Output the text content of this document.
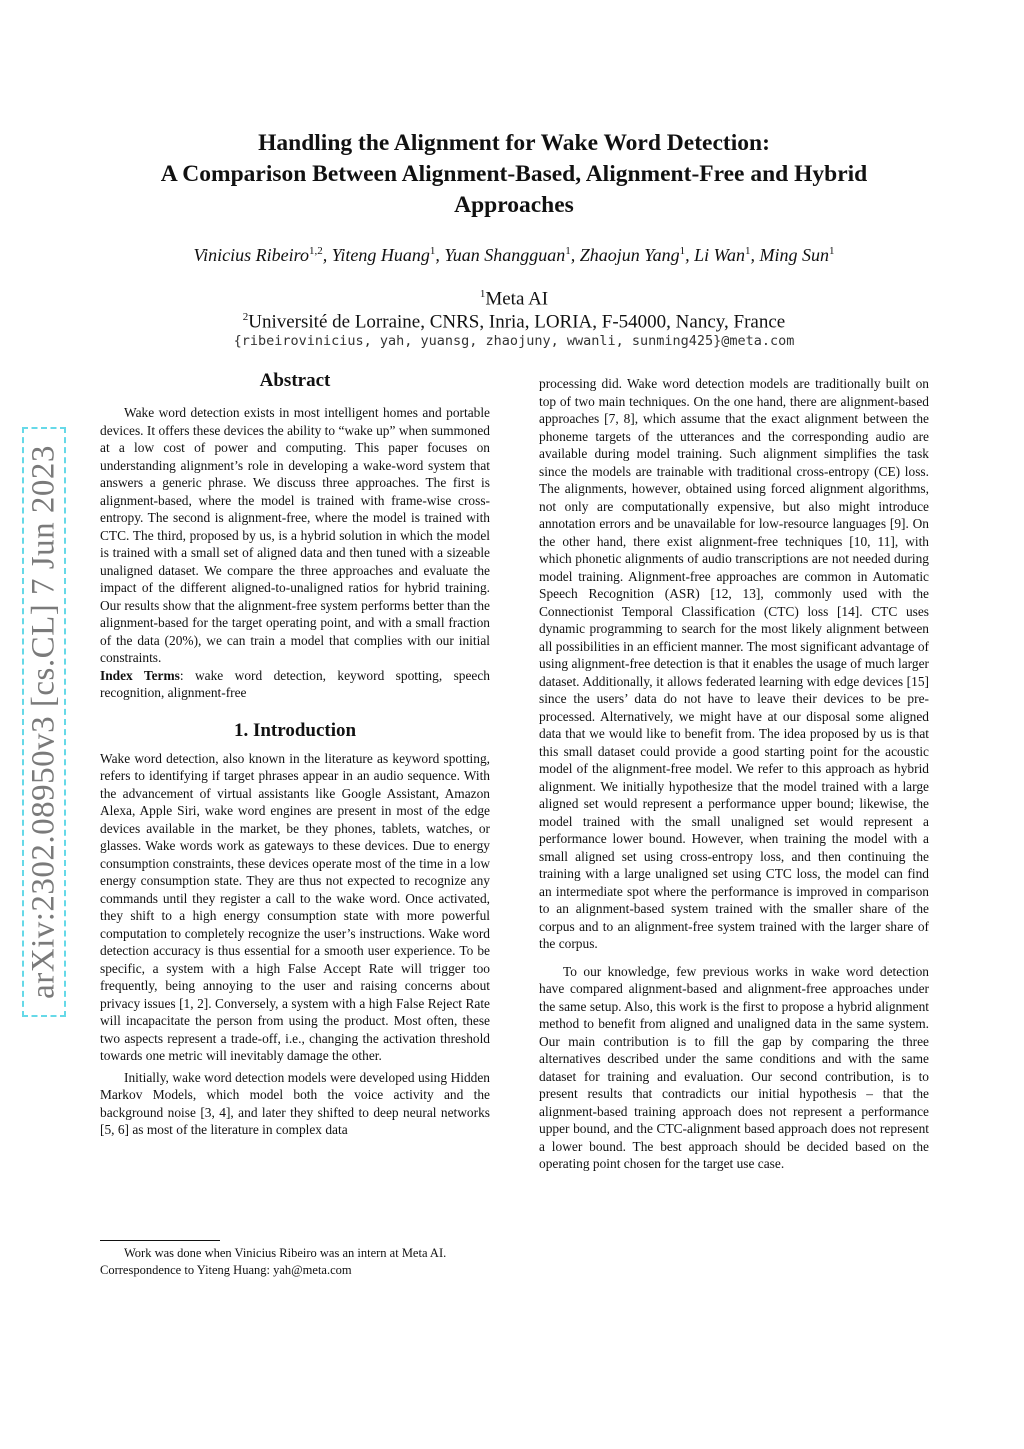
arXiv:2302.08950v3 [cs.CL] 7 Jun 2023
Handling the Alignment for Wake Word Detection:
A Comparison Between Alignment-Based, Alignment-Free and Hybrid
Approaches
Vinicius Ribeiro$^{1,2}$, Yiteng Huang$^1$, Yuan Shangguan$^1$, Zhaojun Yang$^1$, Li Wan$^1$, Ming Sun$^1$
$^1$Meta AI
$^2$Université de Lorraine, CNRS, Inria, LORIA, F-54000, Nancy, France
{ribeirovinicius, yah, yuansg, zhaojuny, wwanli, sunming425}@meta.com
Abstract

Wake word detection exists in most intelligent homes and portable devices. It offers these devices the ability to “wake up” when summoned at a low cost of power and computing. This paper focuses on understanding alignment’s role in developing a wake-word system that answers a generic phrase. We discuss three approaches. The first is alignment-based, where the model is trained with frame-wise cross-entropy. The second is alignment-free, where the model is trained with CTC. The third, proposed by us, is a hybrid solution in which the model is trained with a small set of aligned data and then tuned with a sizeable unaligned dataset. We compare the three approaches and evaluate the impact of the different aligned-to-unaligned ratios for hybrid training. Our results show that the alignment-free system performs better than the alignment-based for the target operating point, and with a small fraction of the data (20%), we can train a model that complies with our initial constraints.

Index Terms: wake word detection, keyword spotting, speech recognition, alignment-free

1. Introduction

Wake word detection, also known in the literature as keyword spotting, refers to identifying if target phrases appear in an audio sequence. With the advancement of virtual assistants like Google Assistant, Amazon Alexa, Apple Siri, wake word engines are present in most of the edge devices available in the market, be they phones, tablets, watches, or glasses. Wake words work as gateways to these devices. Due to energy consumption constraints, these devices operate most of the time in a low energy consumption state. They are thus not expected to recognize any commands until they register a call to the wake word. Once activated, they shift to a high energy consumption state with more powerful computation to completely recognize the user’s instructions. Wake word detection accuracy is thus essential for a smooth user experience. To be specific, a system with a high False Accept Rate will trigger too frequently, being annoying to the user and raising concerns about privacy issues [1, 2]. Conversely, a system with a high False Reject Rate will incapacitate the person from using the product. Most often, these two aspects represent a trade-off, i.e., changing the activation threshold towards one metric will inevitably damage the other.

Initially, wake word detection models were developed using Hidden Markov Models, which model both the voice activity and the background noise [3, 4], and later they shifted to deep neural networks [5, 6] as most of the literature in complex data

Work was done when Vinicius Ribeiro was an intern at Meta AI.
Correspondence to Yiteng Huang: yah@meta.com

processing did. Wake word detection models are traditionally built on top of two main techniques. On the one hand, there are alignment-based approaches [7, 8], which assume that the exact alignment between the phoneme targets of the utterances and the corresponding audio are available during model training. Such alignment simplifies the task since the models are trainable with traditional cross-entropy (CE) loss. The alignments, however, obtained using forced alignment algorithms, not only are computationally expensive, but also might introduce annotation errors and be unavailable for low-resource languages [9]. On the other hand, there exist alignment-free techniques [10, 11], with which phonetic alignments of audio transcriptions are not needed during model training. Alignment-free approaches are common in Automatic Speech Recognition (ASR) [12, 13], commonly used with the Connectionist Temporal Classification (CTC) loss [14]. CTC uses dynamic programming to search for the most likely alignment between all possibilities in an efficient manner. The most significant advantage of using alignment-free detection is that it enables the usage of much larger dataset. Additionally, it allows federated learning with edge devices [15] since the users’ data do not have to leave their devices to be pre-processed. Alternatively, we might have at our disposal some aligned data that we would like to benefit from. The idea proposed by us is that this small dataset could provide a good starting point for the acoustic model of the alignment-free model. We refer to this approach as hybrid alignment. We initially hypothesize that the model trained with a large aligned set would represent a performance upper bound; likewise, the model trained with the small unaligned set would represent a performance lower bound. However, when training the model with a small aligned set using cross-entropy loss, and then continuing the training with a large unaligned set using CTC loss, the model can find an intermediate spot where the performance is improved in comparison to an alignment-based system trained with the smaller share of the corpus and to an alignment-free system trained with the larger share of the corpus.

To our knowledge, few previous works in wake word detection have compared alignment-based and alignment-free approaches under the same setup. Also, this work is the first to propose a hybrid alignment method to benefit from aligned and unaligned data in the same system. Our main contribution is to fill the gap by comparing the three alternatives described under the same conditions and with the same dataset for training and evaluation. Our second contribution, is to present results that contradicts our initial hypothesis – that the alignment-based training approach does not represent a performance upper bound, and the CTC-alignment based approach does not represent a lower bound. The best approach should be decided based on the operating point chosen for the target use case.
